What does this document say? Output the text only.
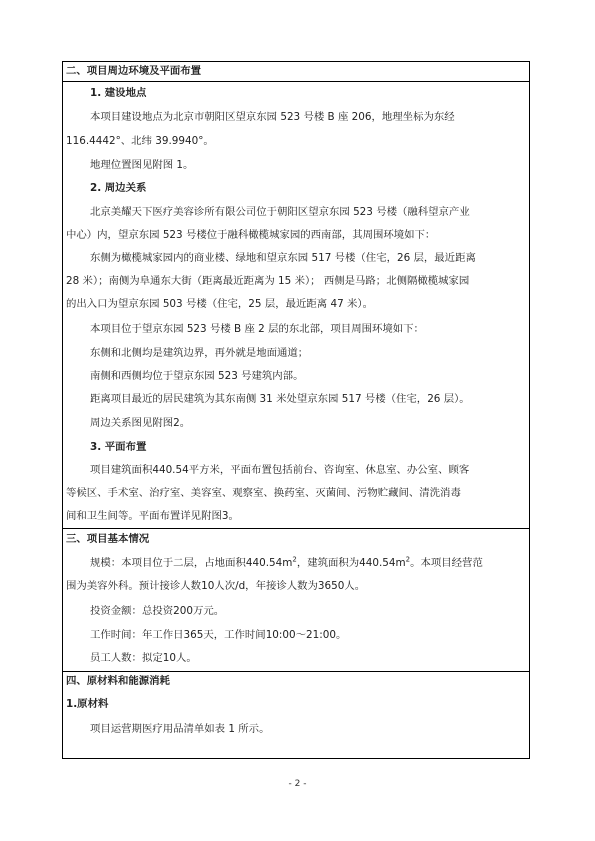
二、项目周边环境及平面布置
1. 建设地点
本项目建设地点为北京市朝阳区望京东园 523 号楼 B 座 206，地理坐标为东经
116.4442°、北纬 39.9940°。
地理位置图见附图 1。
2. 周边关系
北京美耀天下医疗美容诊所有限公司位于朝阳区望京东园 523 号楼（融科望京产业
中心）内，望京东园 523 号楼位于融科橄榄城家园的西南部，其周围环境如下：
东侧为橄榄城家园内的商业楼、绿地和望京东园 517 号楼（住宅，26 层，最近距离
28 米）；南侧为阜通东大街（距离最近距离为 15 米）； 西侧是马路；北侧隔橄榄城家园
的出入口为望京东园 503 号楼（住宅，25 层，最近距离 47 米）。
本项目位于望京东园 523 号楼 B 座 2 层的东北部，项目周围环境如下：
东侧和北侧均是建筑边界，再外就是地面通道；
南侧和西侧均位于望京东园 523 号建筑内部。
距离项目最近的居民建筑为其东南侧 31 米处望京东园 517 号楼（住宅，26 层）。
周边关系图见附图2。
3. 平面布置
项目建筑面积440.54平方米，平面布置包括前台、咨询室、休息室、办公室、顾客
等候区、手术室、治疗室、美容室、观察室、换药室、灭菌间、污物贮藏间、清洗消毒
间和卫生间等。平面布置详见附图3。
三、项目基本情况
规模：本项目位于二层，占地面积$440.54m^2$，建筑面积为$440.54m^2$。本项目经营范
围为美容外科。预计接诊人数10人次/d，年接诊人数为3650人。
投资金额：总投资200万元。
工作时间：年工作日365天，工作时间10:00～21:00。
员工人数：拟定10人。
四、原材料和能源消耗
1.原材料
项目运营期医疗用品清单如表 1 所示。
- 2 -
